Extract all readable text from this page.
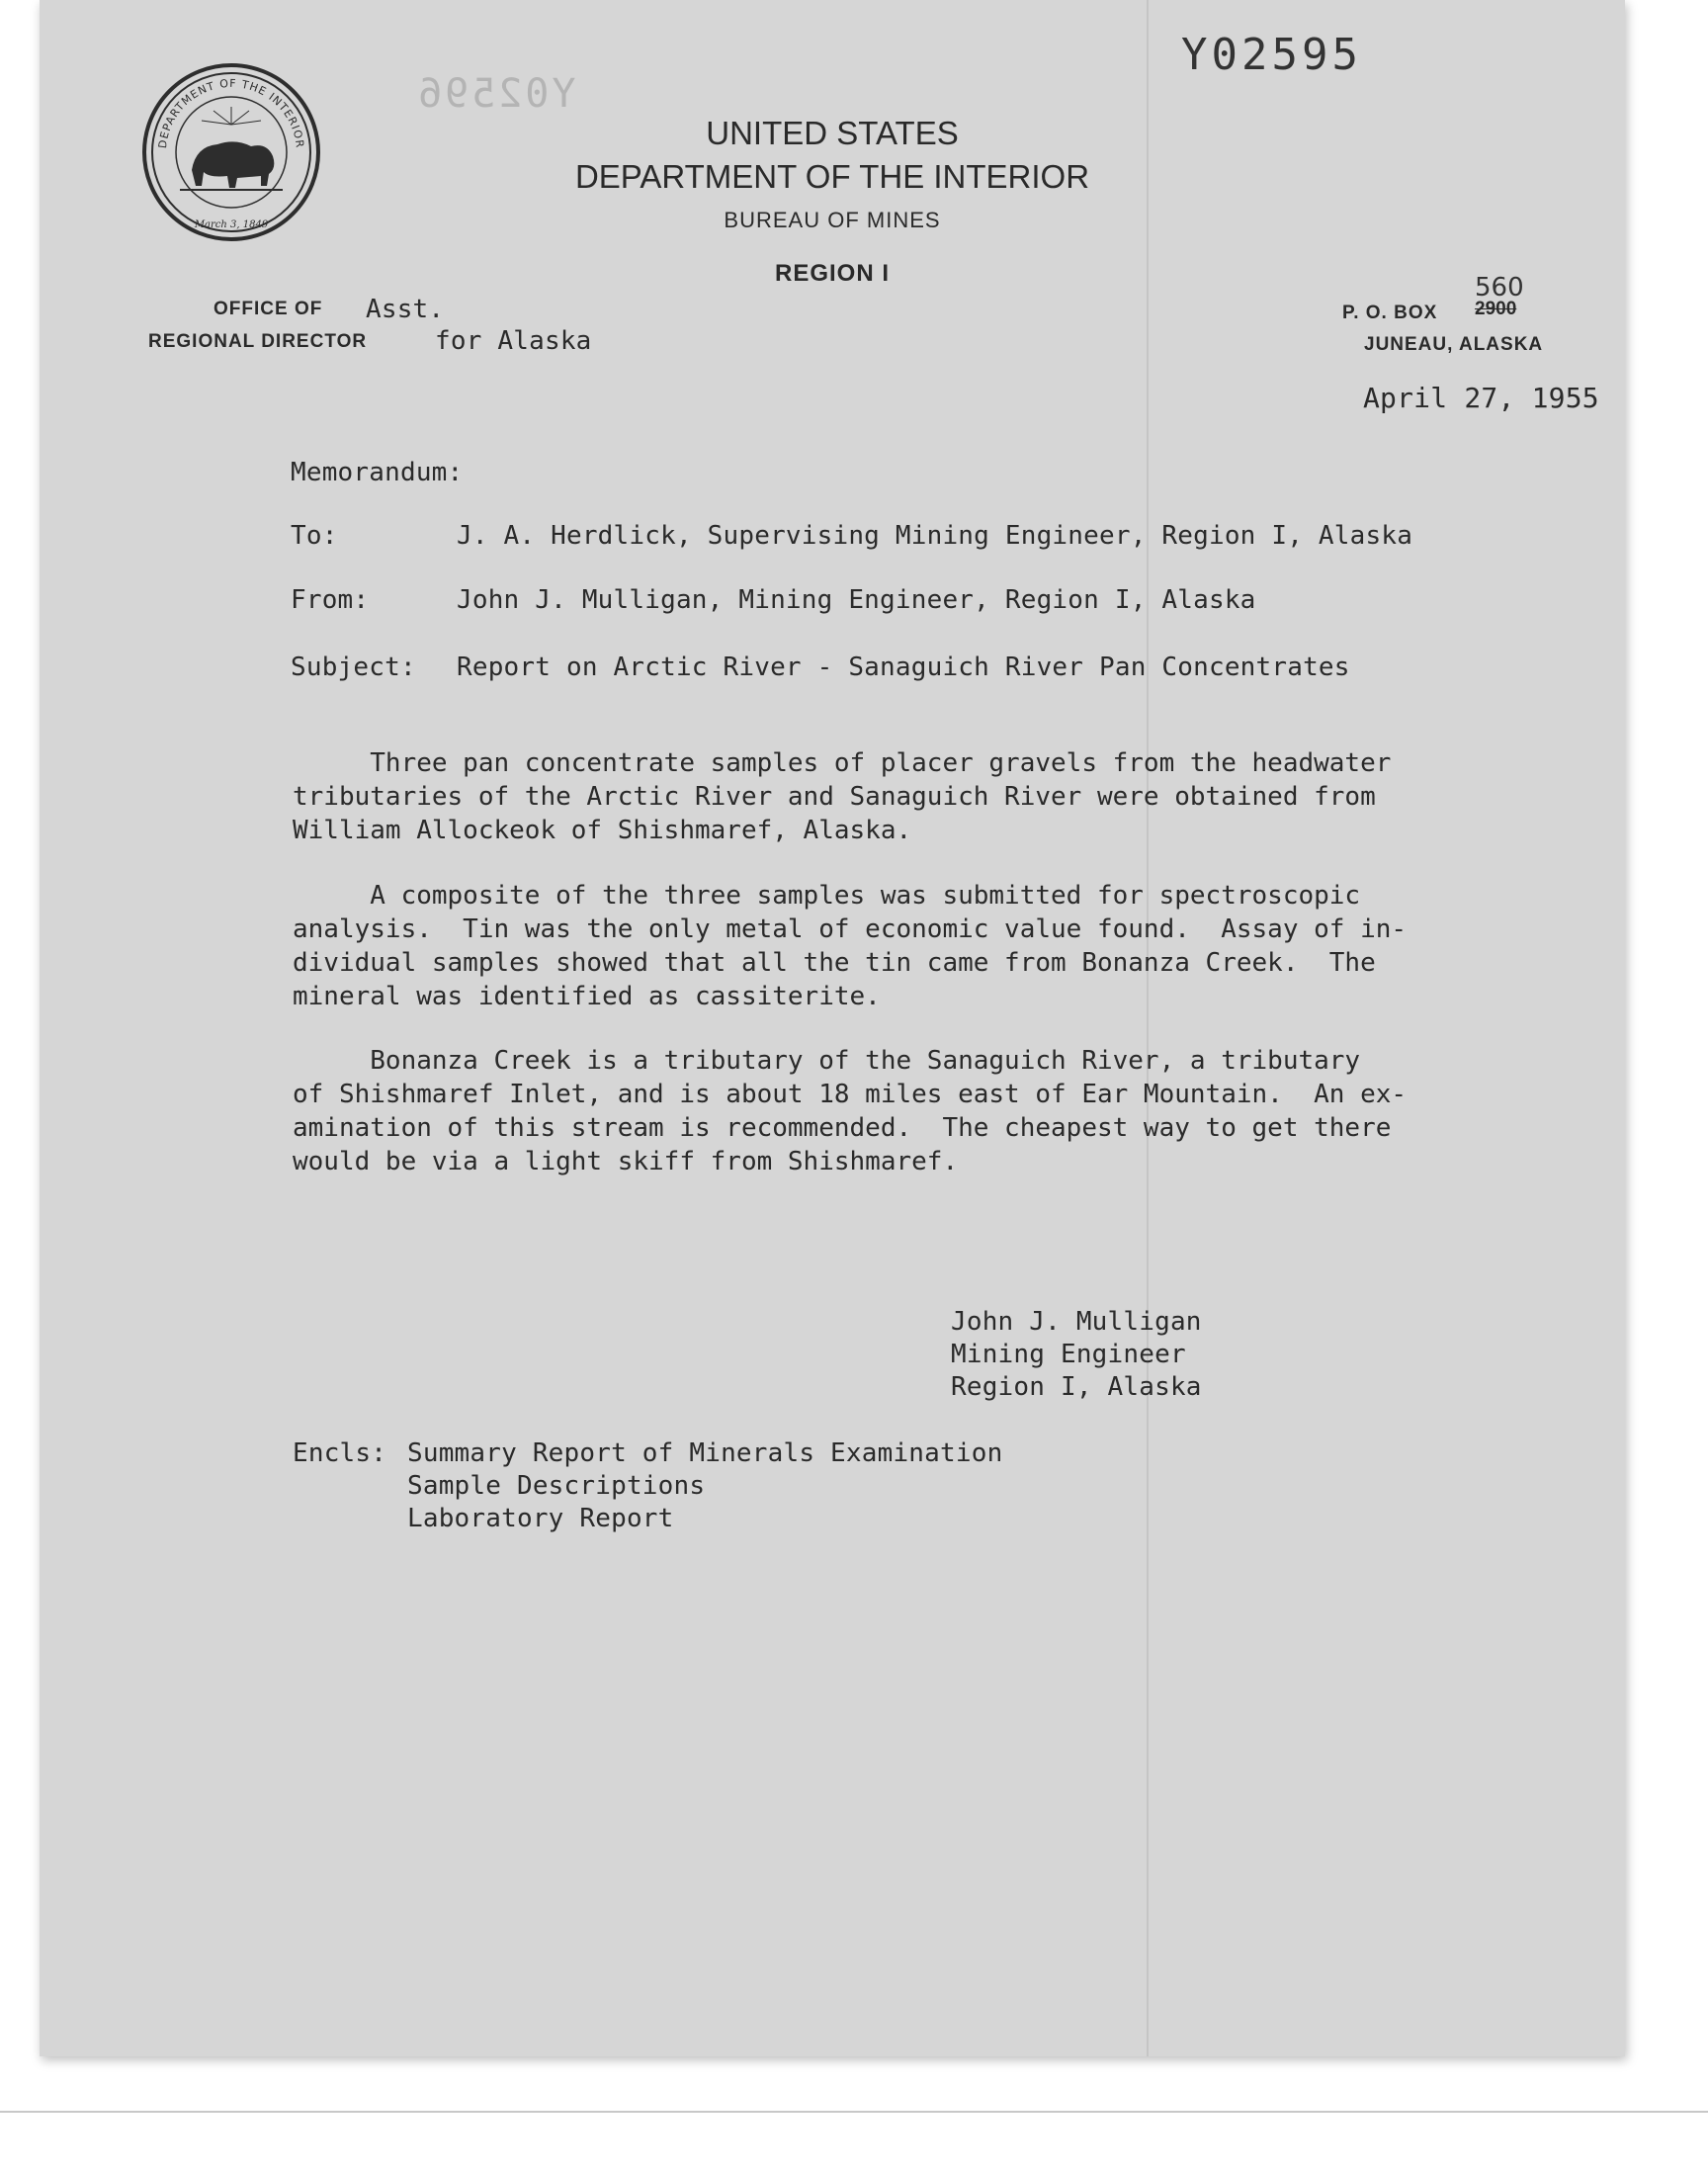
DEPARTMENT OF THE INTERIOR
March 3, 1849
Y02596
Y02595
UNITED STATES
DEPARTMENT OF THE INTERIOR
BUREAU OF MINES
REGION I
OFFICE OF Asst.
REGIONAL DIRECTOR	for Alaska
P. O. BOX
560
2900
JUNEAU, ALASKA
April 27, 1955
Memorandum:
To:	J. A. Herdlick, Supervising Mining Engineer, Region I, Alaska
From:	John J. Mulligan, Mining Engineer, Region I, Alaska
Subject: Report on Arctic River - Sanaguich River Pan Concentrates
Three pan concentrate samples of placer gravels from the headwater
tributaries of the Arctic River and Sanaguich River were obtained from
William Allockeok of Shishmaref, Alaska.
A composite of the three samples was submitted for spectroscopic
analysis.  Tin was the only metal of economic value found.  Assay of in-
dividual samples showed that all the tin came from Bonanza Creek.  The
mineral was identified as cassiterite.
Bonanza Creek is a tributary of the Sanaguich River, a tributary
of Shishmaref Inlet, and is about 18 miles east of Ear Mountain.  An ex-
amination of this stream is recommended.  The cheapest way to get there
would be via a light skiff from Shishmaref.
John J. Mulligan
Mining Engineer
Region I, Alaska
Encls: Summary Report of Minerals Examination
Sample Descriptions
Laboratory Report
